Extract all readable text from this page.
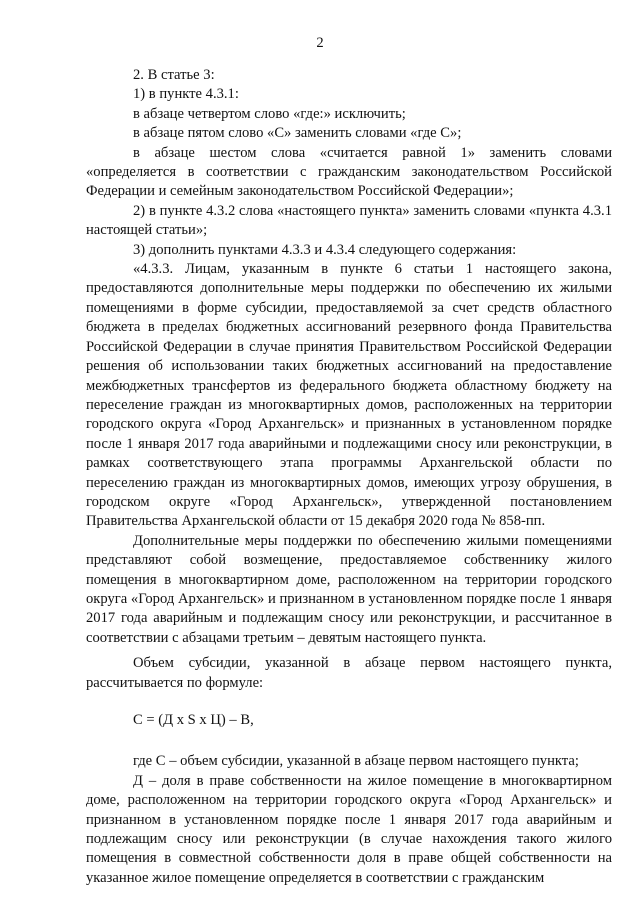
2

2. В статье 3:

1) в пункте 4.3.1:

в абзаце четвертом слово «где:» исключить;

в абзаце пятом слово «С» заменить словами «где С»;

в абзаце шестом слова «считается равной 1» заменить словами «определяется в соответствии с гражданским законодательством Российской Федерации и семейным законодательством Российской Федерации»;

2) в пункте 4.3.2 слова «настоящего пункта» заменить словами «пункта 4.3.1 настоящей статьи»;

3) дополнить пунктами 4.3.3 и 4.3.4 следующего содержания:

«4.3.3. Лицам, указанным в пункте 6 статьи 1 настоящего закона, предоставляются дополнительные меры поддержки по обеспечению их жилыми помещениями в форме субсидии, предоставляемой за счет средств областного бюджета в пределах бюджетных ассигнований резервного фонда Правительства Российской Федерации в случае принятия Правительством Российской Федерации решения об использовании таких бюджетных ассигнований на предоставление межбюджетных трансфертов из федерального бюджета областному бюджету на переселение граждан из многоквартирных домов, расположенных на территории городского округа «Город Архангельск» и признанных в установленном порядке после 1 января 2017 года аварийными и подлежащими сносу или реконструкции, в рамках соответствующего этапа программы Архангельской области по переселению граждан из многоквартирных домов, имеющих угрозу обрушения, в городском округе «Город Архангельск», утвержденной постановлением Правительства Архангельской области от 15 декабря 2020 года № 858-пп.

Дополнительные меры поддержки по обеспечению жилыми помещениями представляют собой возмещение, предоставляемое собственнику жилого помещения в многоквартирном доме, расположенном на территории городского округа «Город Архангельск» и признанном в установленном порядке после 1 января 2017 года аварийным и подлежащим сносу или реконструкции, и рассчитанное в соответствии с абзацами третьим – девятым настоящего пункта.

Объем субсидии, указанной в абзаце первом настоящего пункта, рассчитывается по формуле:

С = (Д х S х Ц) – В,

где С – объем субсидии, указанной в абзаце первом настоящего пункта;

Д – доля в праве собственности на жилое помещение в многоквартирном доме, расположенном на территории городского округа «Город Архангельск» и признанном в установленном порядке после 1 января 2017 года аварийным и подлежащим сносу или реконструкции (в случае нахождения такого жилого помещения в совместной собственности доля в праве общей собственности на указанное жилое помещение определяется в соответствии с гражданским
